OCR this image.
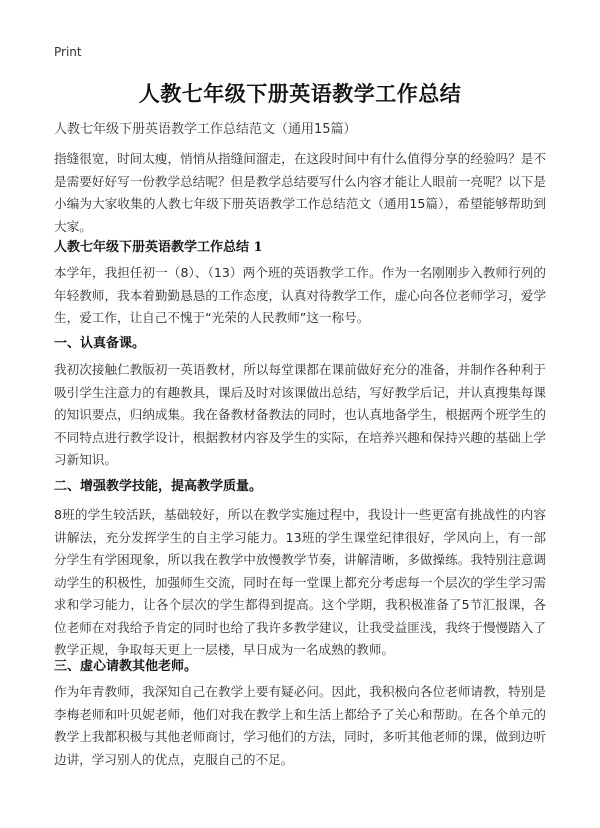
Print
人教七年级下册英语教学工作总结
人教七年级下册英语教学工作总结范文（通用15篇）

指缝很宽，时间太瘦，悄悄从指缝间溜走，在这段时间中有什么值得分享的经验吗？是不是需要好好写一份教学总结呢？但是教学总结要写什么内容才能让人眼前一亮呢？以下是小编为大家收集的人教七年级下册英语教学工作总结范文（通用15篇），希望能够帮助到大家。

人教七年级下册英语教学工作总结 1

本学年，我担任初一（8）、（13）两个班的英语教学工作。作为一名刚刚步入教师行列的年轻教师，我本着勤勤恳恳的工作态度，认真对待教学工作，虚心向各位老师学习，爱学生，爱工作，让自己不愧于“光荣的人民教师”这一称号。

一、认真备课。

我初次接触仁教版初一英语教材，所以每堂课都在课前做好充分的准备，并制作各种利于吸引学生注意力的有趣教具，课后及时对该课做出总结，写好教学后记，并认真搜集每课的知识要点，归纳成集。我在备教材备教法的同时，也认真地备学生，根据两个班学生的不同特点进行教学设计，根据教材内容及学生的实际，在培养兴趣和保持兴趣的基础上学习新知识。

二、增强教学技能，提高教学质量。

8班的学生较活跃，基础较好，所以在教学实施过程中，我设计一些更富有挑战性的内容讲解法，充分发挥学生的自主学习能力。13班的学生课堂纪律很好，学风向上，有一部分学生有学困现象，所以我在教学中放慢教学节奏，讲解清晰，多做操练。我特别注意调动学生的积极性，加强师生交流，同时在每一堂课上都充分考虑每一个层次的学生学习需求和学习能力，让各个层次的学生都得到提高。这个学期，我积极准备了5节汇报课，各位老师在对我给予肯定的同时也给了我许多教学建议，让我受益匪浅，我终于慢慢踏入了教学正规，争取每天更上一层楼，早日成为一名成熟的教师。

三、虚心请教其他老师。

作为年青教师，我深知自己在教学上要有疑必问。因此，我积极向各位老师请教，特别是李梅老师和叶贝妮老师，他们对我在教学上和生活上都给予了关心和帮助。在各个单元的教学上我都积极与其他老师商讨，学习他们的方法，同时，多听其他老师的课，做到边听边讲，学习别人的优点，克服自己的不足。
